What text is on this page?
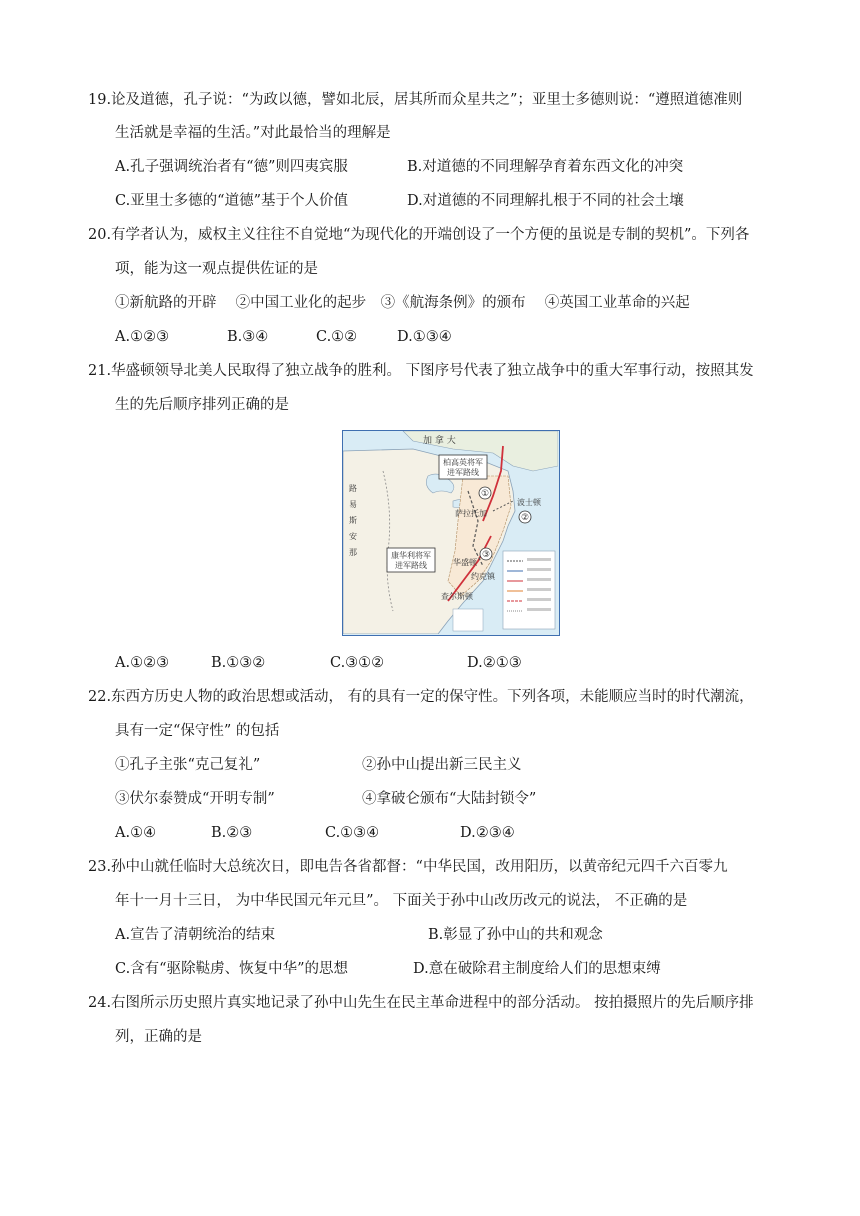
19.论及道德，孔子说：“为政以德，譬如北辰，居其所而众星共之”；亚里士多德则说：“遵照道德准则
生活就是幸福的生活。”对此最恰当的理解是
A.孔子强调统治者有“德”则四夷宾服	B.对道德的不同理解孕育着东西文化的冲突
C.亚里士多德的“道德”基于个人价值	D.对道德的不同理解扎根于不同的社会土壤
20.有学者认为，威权主义往往不自觉地“为现代化的开端创设了一个方便的虽说是专制的契机”。下列各
项，能为这一观点提供佐证的是
①新航路的开辟　 ②中国工业化的起步　③《航海条例》的颁布　 ④英国工业革命的兴起
A.①②③	B.③④	C.①②	D.①③④
21.华盛顿领导北美人民取得了独立战争的胜利。 下图序号代表了独立战争中的重大军事行动，按照其发
生的先后顺序排列正确的是
柏高英将军
进军路线
康华利将军
进军路线
加 拿 大
路
易
斯
安
那
波士顿
萨拉托加
华盛顿
约克镇
查尔斯顿
①
②
③
A.①②③	B.①③②	C.③①②	D.②①③
22.东西方历史人物的政治思想或活动， 有的具有一定的保守性。下列各项，未能顺应当时的时代潮流，
具有一定“保守性” 的包括
①孔子主张“克己复礼”	②孙中山提出新三民主义
③伏尔泰赞成“开明专制”	④拿破仑颁布“大陆封锁令”
A.①④	B.②③	C.①③④	D.②③④
23.孙中山就任临时大总统次日，即电告各省都督：“中华民国，改用阳历，以黄帝纪元四千六百零九
年十一月十三日， 为中华民国元年元旦”。 下面关于孙中山改历改元的说法， 不正确的是
A.宣告了清朝统治的结束	B.彰显了孙中山的共和观念
C.含有“驱除鞑虏、恢复中华”的思想	D.意在破除君主制度给人们的思想束缚
24.右图所示历史照片真实地记录了孙中山先生在民主革命进程中的部分活动。 按拍摄照片的先后顺序排
列，正确的是
